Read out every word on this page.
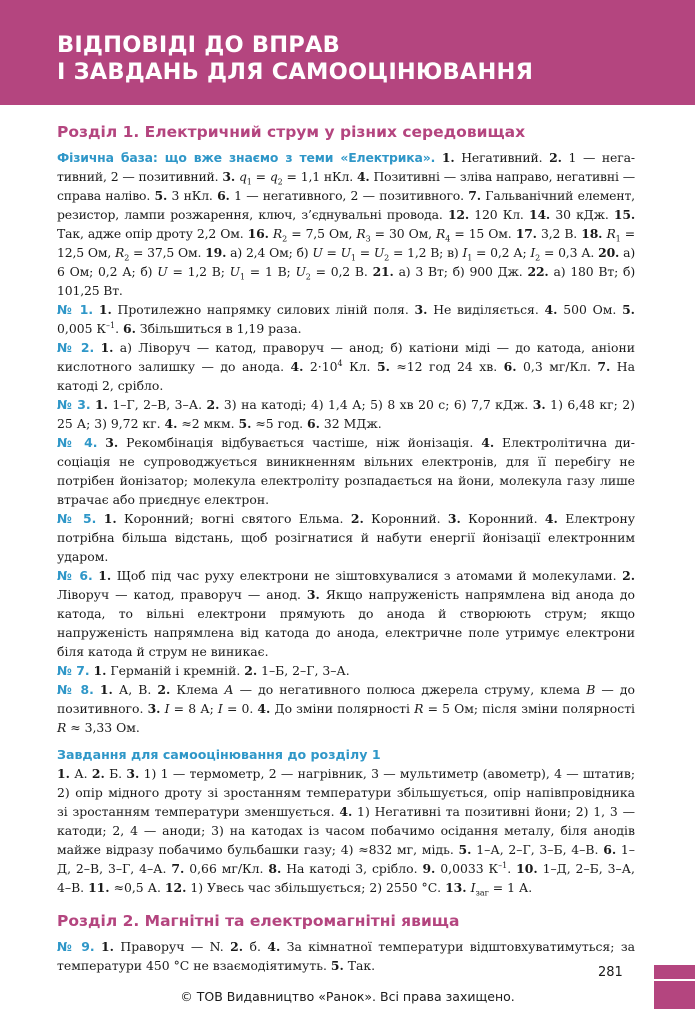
ВІДПОВІДІ ДО ВПРАВ
І ЗАВДАНЬ ДЛЯ САМООЦІНЮВАННЯ
Розділ 1. Електричний струм у різних середовищах

Фізична база: що вже знаємо з теми «Електрика». 1. Негативний. 2. 1 — негативний, 2 — позитивний. 3. $q_1 = q_2 = 1,1$ нКл. 4. Позитивні — зліва направо, негативні — справа наліво. 5. 3 нКл. 6. 1 — негативного, 2 — позитивного. 7. Гальванічний елемент, резистор, лампи розжарення, ключ, з’єднувальні провода. 12. 120 Кл. 14. 30 кДж. 15. Так, адже опір дроту 2,2 Ом. 16. $R_2 = 7,5$ Ом, $R_3 = 30$ Ом, $R_4 = 15$ Ом. 17. 3,2 В. 18. $R_1 = 12,5$ Ом, $R_2 = 37,5$ Ом. 19. а) 2,4 Ом; б) $U = U_1 = U_2 = 1,2$ В; в) $I_1 = 0,2$ А; $I_2 = 0,3$ А. 20. а) 6 Ом; 0,2 А; б) U = 1,2 В; $U_1 = 1$ В; $U_2 = 0,2$ В. 21. а) 3 Вт; б) 900 Дж. 22. а) 180 Вт; б) 101,25 Вт.

№ 1. 1. Протилежно напрямку силових ліній поля. 3. Не виділяється. 4. 500 Ом. 5. 0,005 $К^{-1}$. 6. Збільшиться в 1,19 раза.

№ 2. 1. а) Ліворуч — катод, праворуч — анод; б) катіони міді — до катода, аніони кислотного залишку — до анода. 4. $2\cdot 10^4$ Кл. 5. ≈12 год 24 хв. 6. 0,3 мг/Кл. 7. На катоді 2, срібло.

№ 3. 1. 1–Г, 2–В, 3–А. 2. 3) на катоді; 4) 1,4 А; 5) 8 хв 20 с; 6) 7,7 кДж. 3. 1) 6,48 кг; 2) 25 А; 3) 9,72 кг. 4. ≈2 мкм. 5. ≈5 год. 6. 32 МДж.

№ 4. 3. Рекомбінація відбувається частіше, ніж йонізація. 4. Електролітична дисоціація не супроводжується виникненням вільних електронів, для її перебігу не потрібен йонізатор; молекула електроліту розпадається на йони, молекула газу лише втрачає або приєднує електрон.

№ 5. 1. Коронний; вогні святого Ельма. 2. Коронний. 3. Коронний. 4. Електрону потрібна більша відстань, щоб розігнатися й набути енергії йонізації електронним ударом.

№ 6. 1. Щоб під час руху електрони не зіштовхувалися з атомами й молекулами. 2. Ліворуч — катод, праворуч — анод. 3. Якщо напруженість напрямлена від анода до катода, то вільні електрони прямують до анода й створюють струм; якщо напруженість напрямлена від катода до анода, електричне поле утримує електрони біля катода й струм не виникає.

№ 7. 1. Германій і кремній. 2. 1–Б, 2–Г, 3–А.

№ 8. 1. А, В. 2. Клема А — до негативного полюса джерела струму, клема В — до позитивного. 3. I = 8 А; I = 0. 4. До зміни полярності R = 5 Ом; після зміни полярності R ≈ 3,33 Ом.

Завдання для самооцінювання до розділу 1

1. А. 2. Б. 3. 1) 1 — термометр, 2 — нагрівник, 3 — мультиметр (авометр), 4 — штатив; 2) опір мідного дроту зі зростанням температури збільшується, опір напівпровідника зі зростанням температури зменшується. 4. 1) Негативні та позитивні йони; 2) 1, 3 — катоди; 2, 4 — аноди; 3) на катодах із часом побачимо осідання металу, біля анодів майже відразу побачимо бульбашки газу; 4) ≈832 мг, мідь. 5. 1–А, 2–Г, 3–Б, 4–В. 6. 1–Д, 2–В, 3–Г, 4–А. 7. 0,66 мг/Кл. 8. На катоді 3, срібло. 9. 0,0033 $К^{-1}$. 10. 1–Д, 2–Б, 3–А, 4–В. 11. ≈0,5 А. 12. 1) Увесь час збільшується; 2) 2550 °С. 13. $I_{заг} = 1$ А.

Розділ 2. Магнітні та електромагнітні явища

№ 9. 1. Праворуч — N. 2. б. 4. За кімнатної температури відштовхуватимуться; за температури 450 °С не взаємодіятимуть. 5. Так.	281
© ТОВ Видавництво «Ранок». Всі права захищено.
